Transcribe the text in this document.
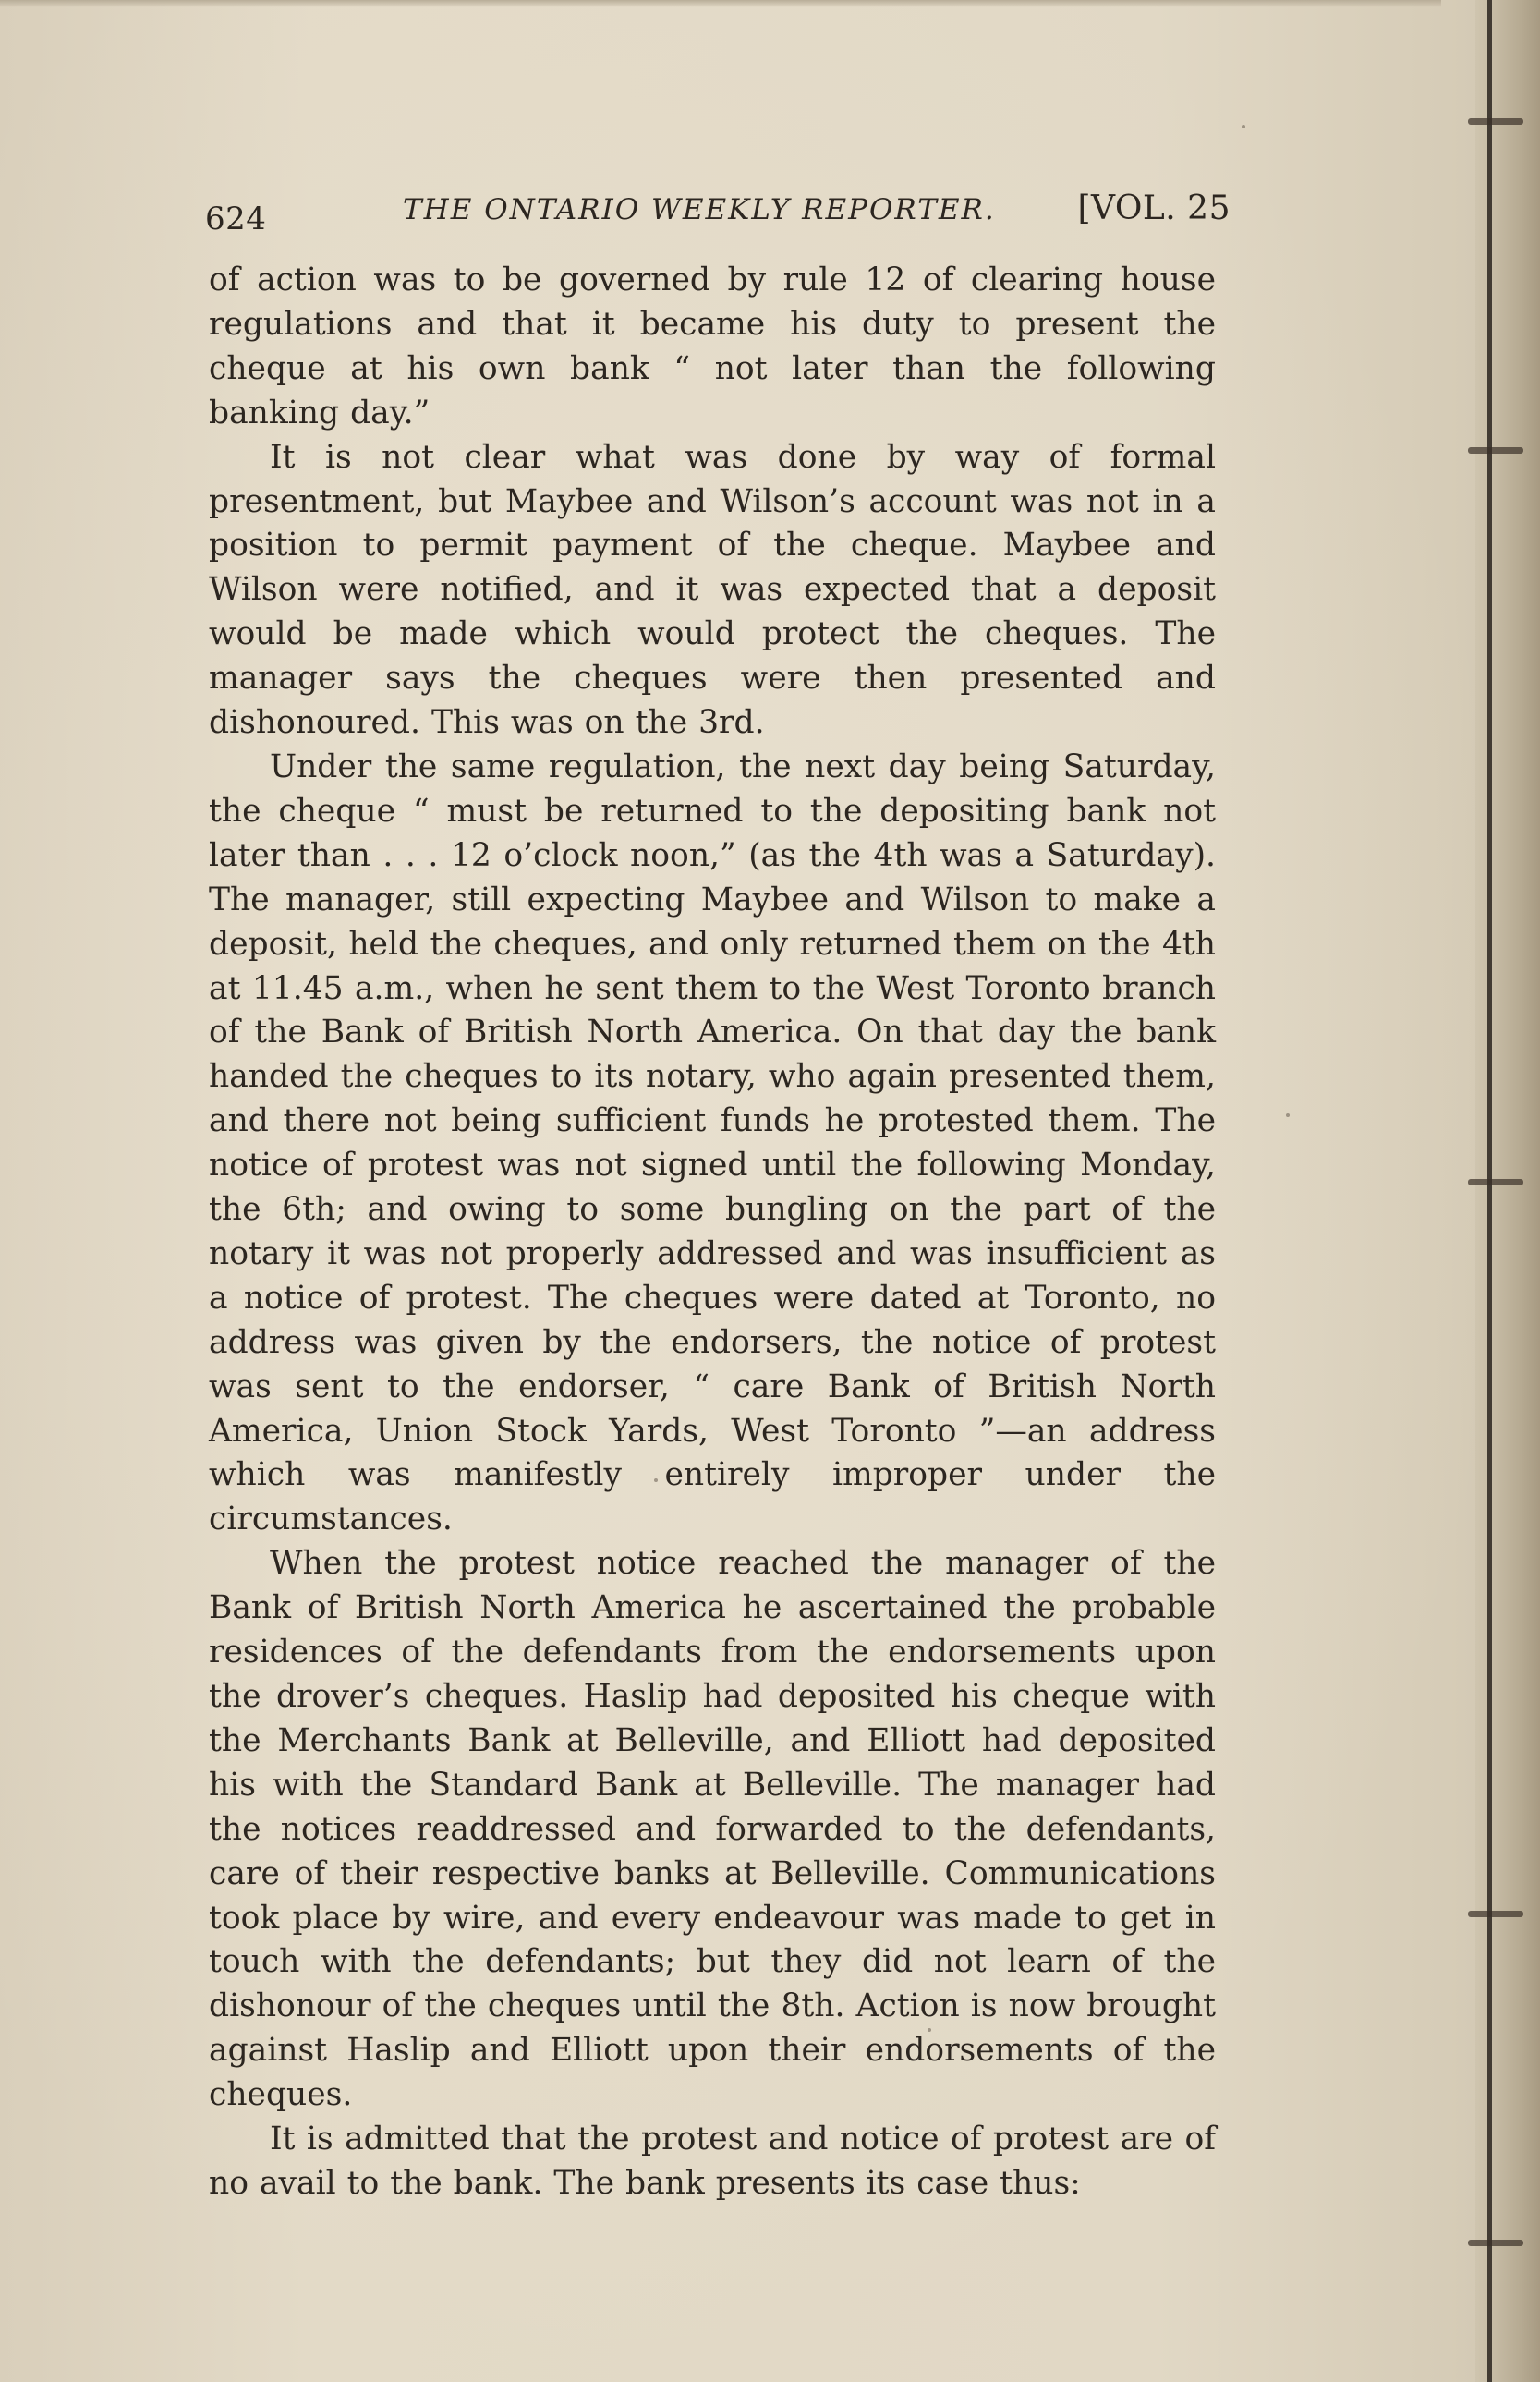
624	THE ONTARIO WEEKLY REPORTER. [VOL. 25

of action was to be governed by rule 12 of clearing house regulations and that it became his duty to present the cheque at his own bank “ not later than the following banking day.”

It is not clear what was done by way of formal presentment, but Maybee and Wilson’s account was not in a position to permit payment of the cheque. Maybee and Wilson were notified, and it was expected that a deposit would be made which would protect the cheques. The manager says the cheques were then presented and dishonoured. This was on the 3rd.

Under the same regulation, the next day being Saturday, the cheque “ must be returned to the depositing bank not later than . . . 12 o’clock noon,” (as the 4th was a Saturday). The manager, still expecting Maybee and Wilson to make a deposit, held the cheques, and only returned them on the 4th at 11.45 a.m., when he sent them to the West Toronto branch of the Bank of British North America. On that day the bank handed the cheques to its notary, who again presented them, and there not being sufficient funds he protested them. The notice of protest was not signed until the following Monday, the 6th; and owing to some bungling on the part of the notary it was not properly addressed and was insufficient as a notice of protest. The cheques were dated at Toronto, no address was given by the endorsers, the notice of protest was sent to the endorser, “ care Bank of British North America, Union Stock Yards, West Toronto ”—an address which was manifestly entirely improper under the circumstances.

When the protest notice reached the manager of the Bank of British North America he ascertained the probable residences of the defendants from the endorsements upon the drover’s cheques. Haslip had deposited his cheque with the Merchants Bank at Belleville, and Elliott had deposited his with the Standard Bank at Belleville. The manager had the notices readdressed and forwarded to the defendants, care of their respective banks at Belleville. Communications took place by wire, and every endeavour was made to get in touch with the defendants; but they did not learn of the dishonour of the cheques until the 8th. Action is now brought against Haslip and Elliott upon their endorsements of the cheques.

It is admitted that the protest and notice of protest are of no avail to the bank. The bank presents its case thus:
